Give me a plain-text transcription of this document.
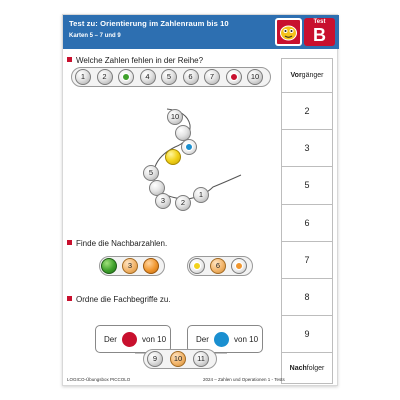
Test zu: Orientierung im Zahlenraum bis 10
Karten 5 – 7 und 9
Test
B
Welche Zahlen fehlen in der Reihe?
1	2	4	5	6	7	10
10
5
3	2
1
Finde die Nachbarzahlen.
3	6
Ordne die Fachbegriffe zu.
Der	von 10	Der	von 10
9	10	11
Vorgänger
2
3
5
6
7
8
9
Nachfolger
LOGICO-Übungsbox PICCOLO	2024 – Zahlen und Operationen 1 - Tests
